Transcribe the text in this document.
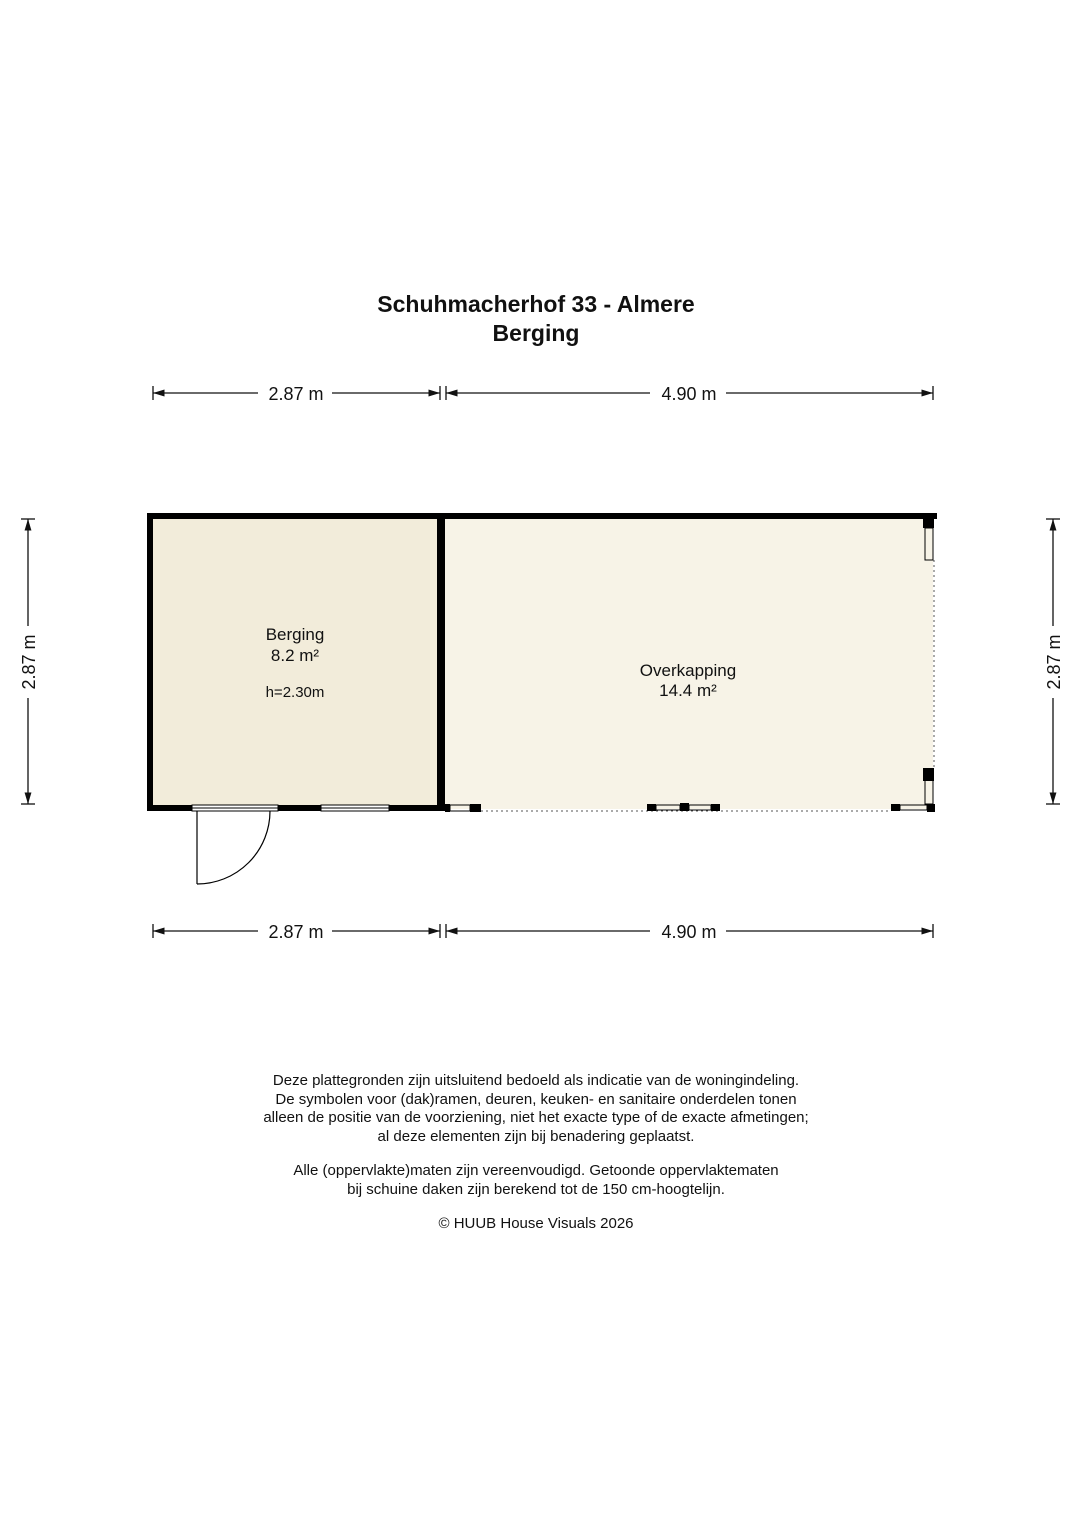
Schuhmacherhof 33 - Almere
Berging
2.87 m	4.90 m
2.87 m	4.90 m
2.87 m	2.87 m
Berging
8.2 m²
h=2.30m
Overkapping
14.4 m²
Deze plattegronden zijn uitsluitend bedoeld als indicatie van de woningindeling.
De symbolen voor (dak)ramen, deuren, keuken- en sanitaire onderdelen tonen
alleen de positie van de voorziening, niet het exacte type of de exacte afmetingen;
al deze elementen zijn bij benadering geplaatst.
Alle (oppervlakte)maten zijn vereenvoudigd. Getoonde oppervlaktematen
bij schuine daken zijn berekend tot de 150 cm-hoogtelijn.
© HUUB House Visuals 2026
